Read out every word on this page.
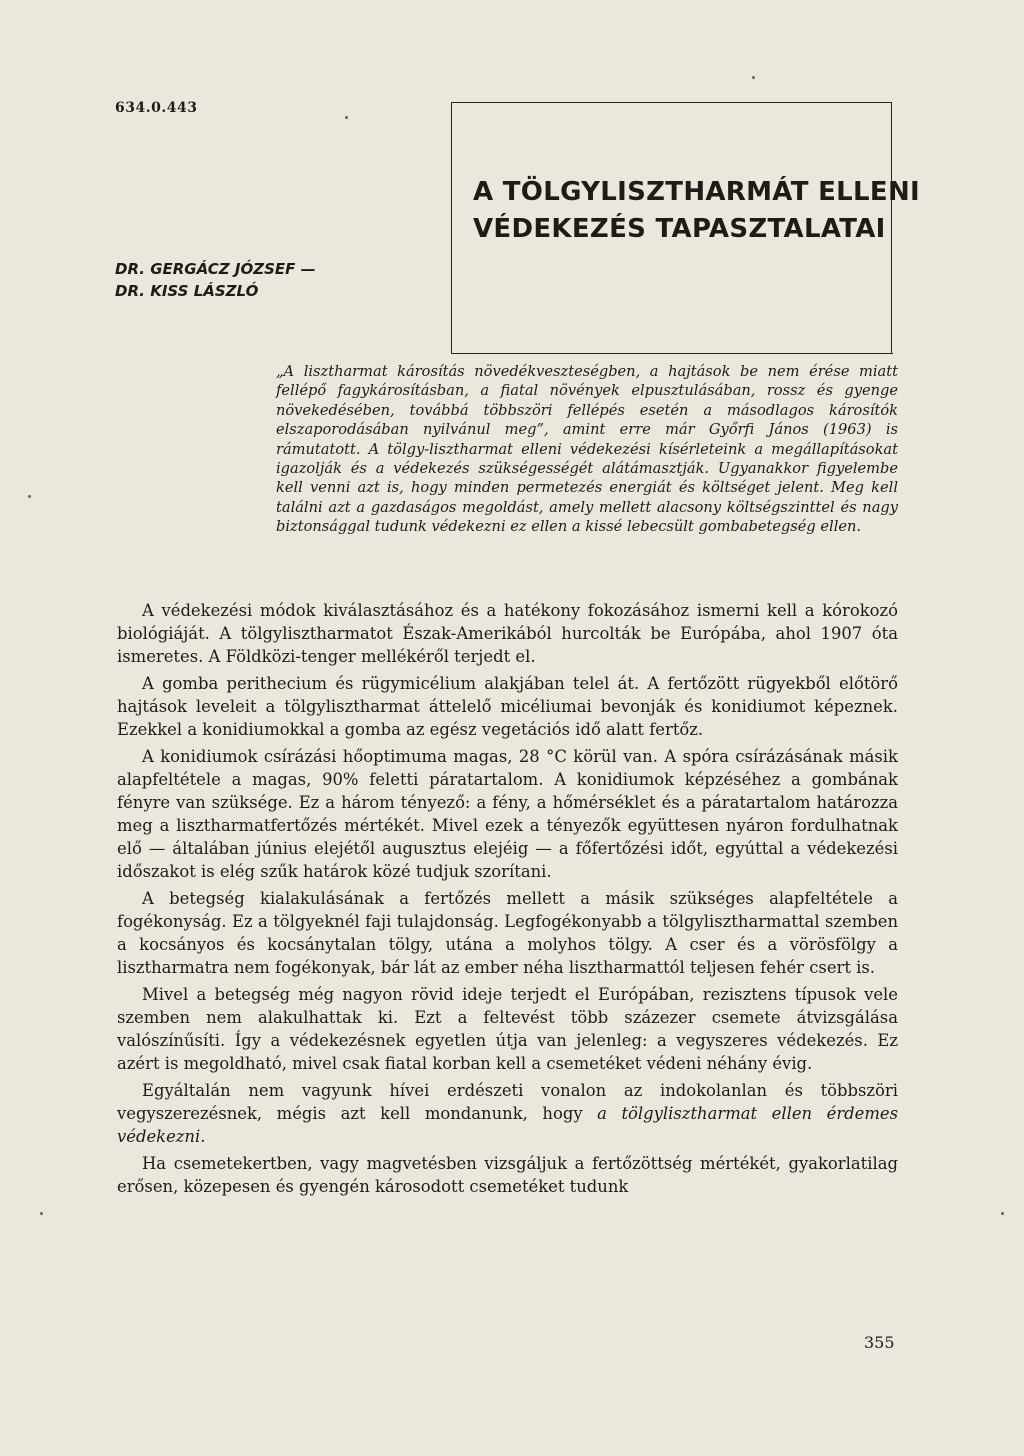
634.0.443
DR. GERGÁCZ JÓZSEF —
DR. KISS LÁSZLÓ
A TÖLGYLISZTHARMÁT ELLENI
VÉDEKEZÉS TAPASZTALATAI
„A lisztharmat károsítás növedékveszteségben, a hajtások be nem érése miatt fellépő fagykárosításban, a fiatal növények elpusztulásában, rossz és gyenge növekedésében, továbbá többszöri fellépés esetén a másodlagos károsítók elszaporodásában nyilvánul meg”, amint erre már Győrfi János (1963) is rámutatott. A tölgy-lisztharmat elleni védekezési kísérleteink a megállapításokat igazolják és a védekezés szükségességét alátámasztják. Ugyanakkor figyelembe kell venni azt is, hogy minden permetezés energiát és költséget jelent. Meg kell találni azt a gazdaságos megoldást, amely mellett alacsony költségszinttel és nagy biztonsággal tudunk védekezni ez ellen a kissé lebecsült gombabetegség ellen.

A védekezési módok kiválasztásához és a hatékony fokozásához ismerni kell a kórokozó biológiáját. A tölgylisztharmatot Észak-Amerikából hurcolták be Európába, ahol 1907 óta ismeretes. A Földközi-tenger mellékéről terjedt el.

A gomba perithecium és rügymicélium alakjában telel át. A fertőzött rügyekből előtörő hajtások leveleit a tölgylisztharmat áttelelő micéliumai bevonják és konidiumot képeznek. Ezekkel a konidiumokkal a gomba az egész vegetációs idő alatt fertőz.

A konidiumok csírázási hőoptimuma magas, 28 °C körül van. A spóra csírázásának másik alapfeltétele a magas, 90% feletti páratartalom. A konidiumok képzéséhez a gombának fényre van szüksége. Ez a három tényező: a fény, a hőmérséklet és a páratartalom határozza meg a lisztharmatfertőzés mértékét. Mivel ezek a tényezők együttesen nyáron fordulhatnak elő — általában június elejétől augusztus elejéig — a főfertőzési időt, egyúttal a védekezési időszakot is elég szűk határok közé tudjuk szorítani.

A betegség kialakulásának a fertőzés mellett a másik szükséges alapfeltétele a fogékonyság. Ez a tölgyeknél faji tulajdonság. Legfogékonyabb a tölgylisztharmattal szemben a kocsányos és kocsánytalan tölgy, utána a molyhos tölgy. A cser és a vörösfölgy a lisztharmatra nem fogékonyak, bár lát az ember néha lisztharmattól teljesen fehér csert is.

Mivel a betegség még nagyon rövid ideje terjedt el Európában, rezisztens típusok vele szemben nem alakulhattak ki. Ezt a feltevést több százezer csemete átvizsgálása valószínűsíti. Így a védekezésnek egyetlen útja van jelenleg: a vegyszeres védekezés. Ez azért is megoldható, mivel csak fiatal korban kell a csemetéket védeni néhány évig.

Egyáltalán nem vagyunk hívei erdészeti vonalon az indokolanlan és többszöri vegyszerezésnek, mégis azt kell mondanunk, hogy a tölgylisztharmat ellen érdemes védekezni.

Ha csemetekertben, vagy magvetésben vizsgáljuk a fertőzöttség mértékét, gyakorlatilag erősen, közepesen és gyengén károsodott csemetéket tudunk

355
